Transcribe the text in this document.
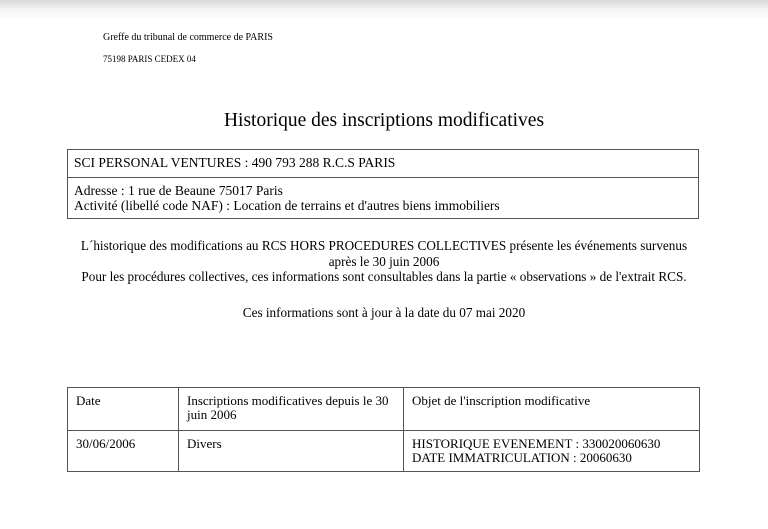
Greffe du tribunal de commerce de PARIS
75198 PARIS CEDEX 04
Historique des inscriptions modificatives
SCI PERSONAL VENTURES : 490 793 288 R.C.S PARIS
Adresse : 1 rue de Beaune 75017 Paris
Activité (libellé code NAF) : Location de terrains et d'autres biens immobiliers
L´historique des modifications au RCS HORS PROCEDURES COLLECTIVES présente les événements survenus
après le 30 juin 2006
Pour les procédures collectives, ces informations sont consultables dans la partie « observations » de l'extrait RCS.
Ces informations sont à jour à la date du 07 mai 2020
Date	Inscriptions modificatives depuis le 30 juin 2006	Objet de l'inscription modificative
30/06/2006	Divers	HISTORIQUE EVENEMENT : 330020060630
DATE IMMATRICULATION : 20060630
